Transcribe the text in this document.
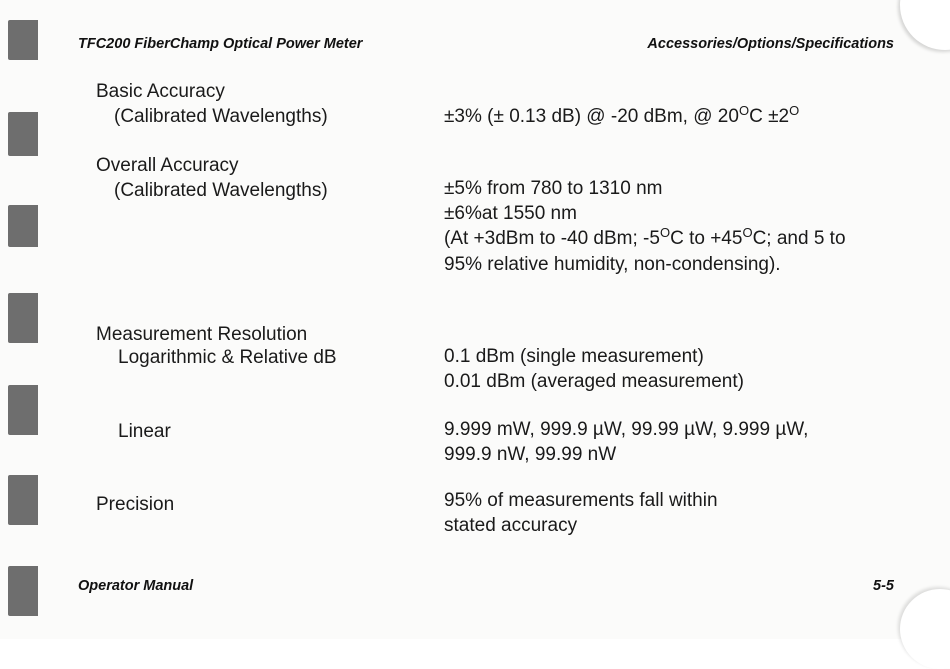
TFC200 FiberChamp Optical Power Meter	Accessories/Options/Specifications
Basic Accuracy
(Calibrated Wavelengths)	±3% (± 0.13 dB) @ -20 dBm, @ $20^OC \pm 2^O$
Overall Accuracy
(Calibrated Wavelengths)	±5% from 780 to 1310 nm
±6%at 1550 nm
(At +3dBm to -40 dBm; $-5^OC$ to $+45^OC$; and 5 to
95% relative humidity, non-condensing).
Measurement Resolution
Logarithmic & Relative dB	0.1 dBm (single measurement)
0.01 dBm (averaged measurement)
Linear	9.999 mW, 999.9 µW, 99.99 µW, 9.999 µW,
999.9 nW, 99.99 nW
Precision	95% of measurements fall within
stated accuracy
Operator Manual	5-5
